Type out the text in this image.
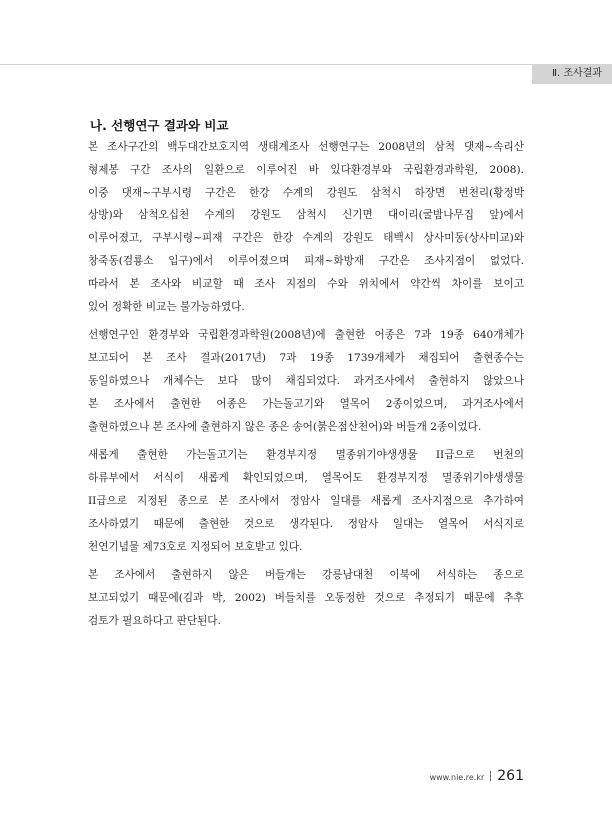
Ⅱ. 조사결과
나. 선행연구 결과와 비교

본 조사구간의 백두대간보호지역 생태계조사 선행연구는 2008년의 삼척 댓재~속리산
형제봉 구간 조사의 일환으로 이루어진 바 있다환경부와 국립환경과학원, 2008).
이중 댓재~구부시령 구간은 한강 수계의 강원도 삼척시 하장면 번천리(황정박
상방)와 삼척오십천 수계의 강원도 삼척시 신기면 대이리(굴밤나무집 앞)에서
이루어졌고, 구부시령~피재 구간은 한강 수계의 강원도 태백시 상사미동(상사미교)와
창죽동(검룡소 입구)에서 이루어졌으며 피재~화방재 구간은 조사지점이 없었다.
따라서 본 조사와 비교할 때 조사 지점의 수와 위치에서 약간씩 차이를 보이고
있어 정확한 비교는 불가능하였다.

선행연구인 환경부와 국립환경과학원(2008년)에 출현한 어종은 7과 19종 640개체가
보고되어 본 조사 결과(2017년) 7과 19종 1739개체가 채집되어 출현종수는
동일하였으나 개체수는 보다 많이 채집되었다. 과거조사에서 출현하지 않았으나
본 조사에서 출현한 어종은 가는돌고기와 열목어 2종이었으며, 과거조사에서
출현하였으나 본 조사에 출현하지 않은 종은 송어(붉은점산천어)와 버들개 2종이었다.

새롭게 출현한 가는돌고기는 환경부지정 멸종위기야생생물 II급으로 번천의
하류부에서 서식이 새롭게 확인되었으며, 열목어도 환경부지정 멸종위기야생생물
II급으로 지정된 종으로 본 조사에서 정암사 일대를 새롭게 조사지점으로 추가하여
조사하였기 때문에 출현한 것으로 생각된다. 정암사 일대는 열목어 서식지로
천연기념물 제73호로 지정되어 보호받고 있다.

본 조사에서 출현하지 않은 버들개는 강릉남대천 이북에 서식하는 종으로
보고되었기 때문에(김과 박, 2002) 버들치를 오동정한 것으로 추정되기 때문에 추후
검토가 필요하다고 판단된다.

www.nie.re.kr 261
